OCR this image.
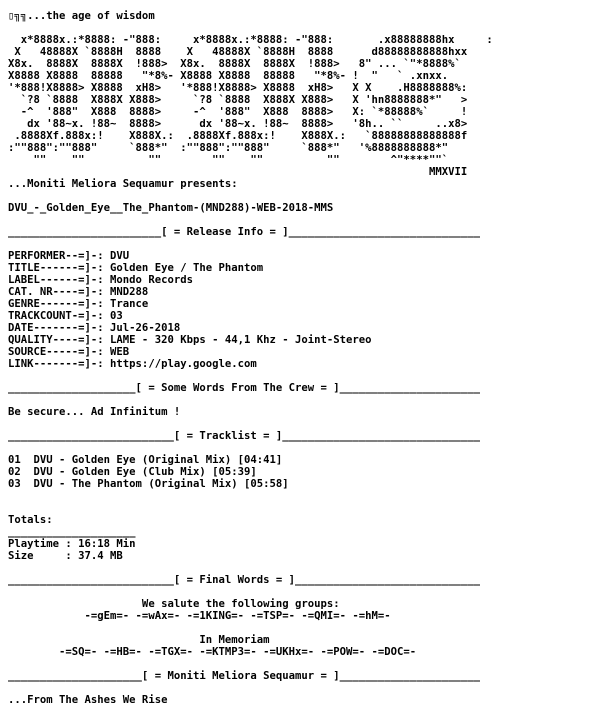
▯╗╗...the age of wisdom
x*8888x.:*8888: -"888:     x*8888x.:*8888: -"888:       .x88888888hx     :
X   48888X `8888H  8888    X   48888X `8888H  8888      d88888888888hxx
X8x.  8888X  8888X  !888>  X8x.  8888X  8888X  !888>   8" ... `"*8888%`
X8888 X8888  88888   "*8%- X8888 X8888  88888   "*8%- !  "   ` .xnxx.
'*888!X8888> X8888  xH8>   '*888!X8888> X8888  xH8>   X X    .H8888888%:
`?8 `8888  X888X X888>     `?8 `8888  X888X X888>   X 'hn8888888*"   >
-^  '888"  X888  8888>     -^  '888"  X888  8888>   X: `*88888%`     !
dx '88~x. !88~  8888>      dx '88~x. !88~  8888>   '8h.. ``     ..x8>
.8888Xf.888x:!    X888X.:  .8888Xf.888x:!    X888X.:   `88888888888888f
:""888":""888"     `888*"  :""888":""888"     `888*"   '%8888888888*"
""    ""          ""        ""    ""          ""        ^"****""`
MMXVII
...Moniti Meliora Sequamur presents:
DVU_-_Golden_Eye__The_Phantom-(MND288)-WEB-2018-MMS
________________________[ = Release Info = ]______________________________
PERFORMER--=]-: DVU
TITLE------=]-: Golden Eye / The Phantom
LABEL------=]-: Mondo Records
CAT. NR----=]-: MND288
GENRE------=]-: Trance
TRACKCOUNT-=]-: 03
DATE-------=]-: Jul-26-2018
QUALITY----=]-: LAME - 320 Kbps - 44,1 Khz - Joint-Stereo
SOURCE-----=]-: WEB
LINK-------=]-: https://play.google.com
____________________[ = Some Words From The Crew = ]______________________
Be secure... Ad Infinitum !
__________________________[ = Tracklist = ]_______________________________
01  DVU - Golden Eye (Original Mix) [04:41]
02  DVU - Golden Eye (Club Mix) [05:39]
03  DVU - The Phantom (Original Mix) [05:58]
Totals:
____________________
Playtime : 16:18 Min
Size     : 37.4 MB
__________________________[ = Final Words = ]_____________________________
We salute the following groups:
-=gEm=- -=wAx=- -=1KING=- -=TSP=- -=QMI=- -=hM=-
In Memoriam
-=SQ=- -=HB=- -=TGX=- -=KTMP3=- -=UKHx=- -=POW=- -=DOC=-
_____________________[ = Moniti Meliora Sequamur = ]______________________
...From The Ashes We Rise
